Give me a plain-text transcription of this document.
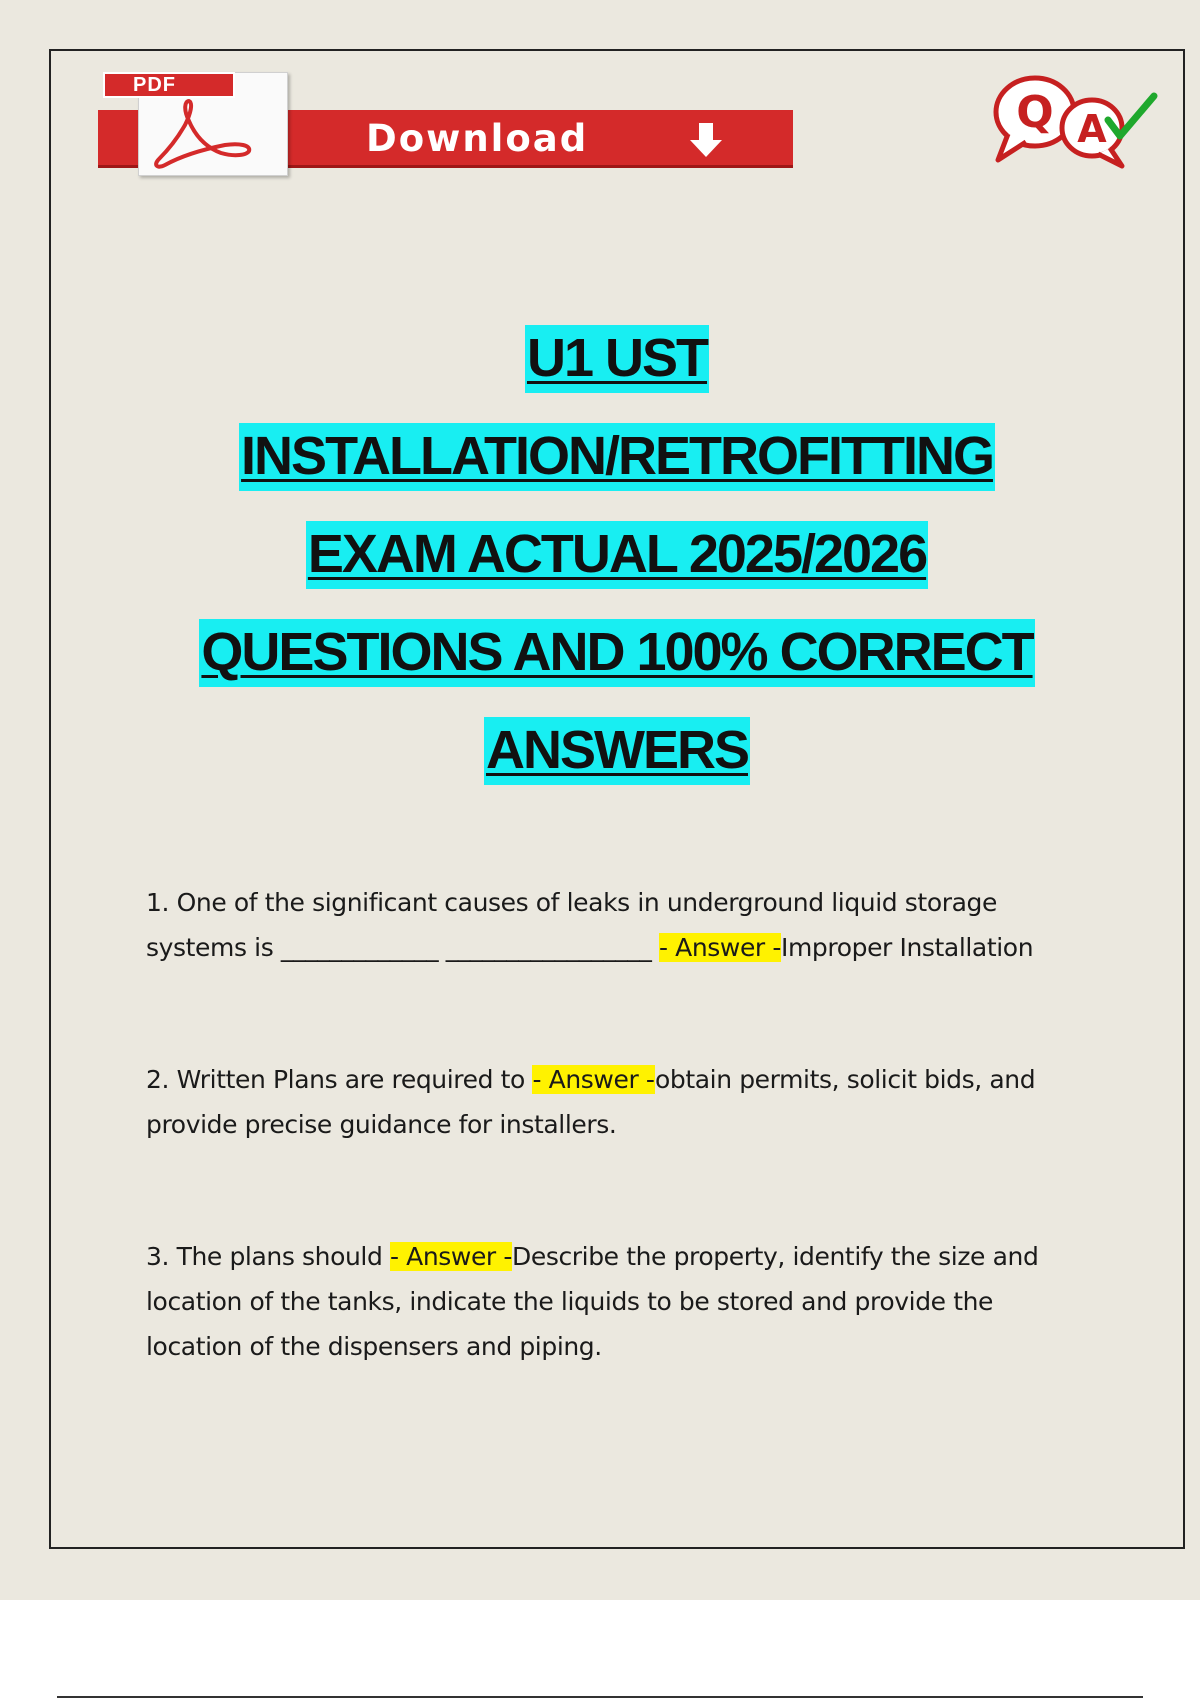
PDF
Download
Q A
U1 UST
INSTALLATION/RETROFITTING
EXAM ACTUAL 2025/2026
QUESTIONS AND 100% CORRECT
ANSWERS
1. One of the significant causes of leaks in underground liquid storage systems is _____________ _________________ - Answer -Improper Installation
2. Written Plans are required to - Answer -obtain permits, solicit bids, and provide precise guidance for installers.
3. The plans should - Answer -Describe the property, identify the size and location of the tanks, indicate the liquids to be stored and provide the location of the dispensers and piping.
